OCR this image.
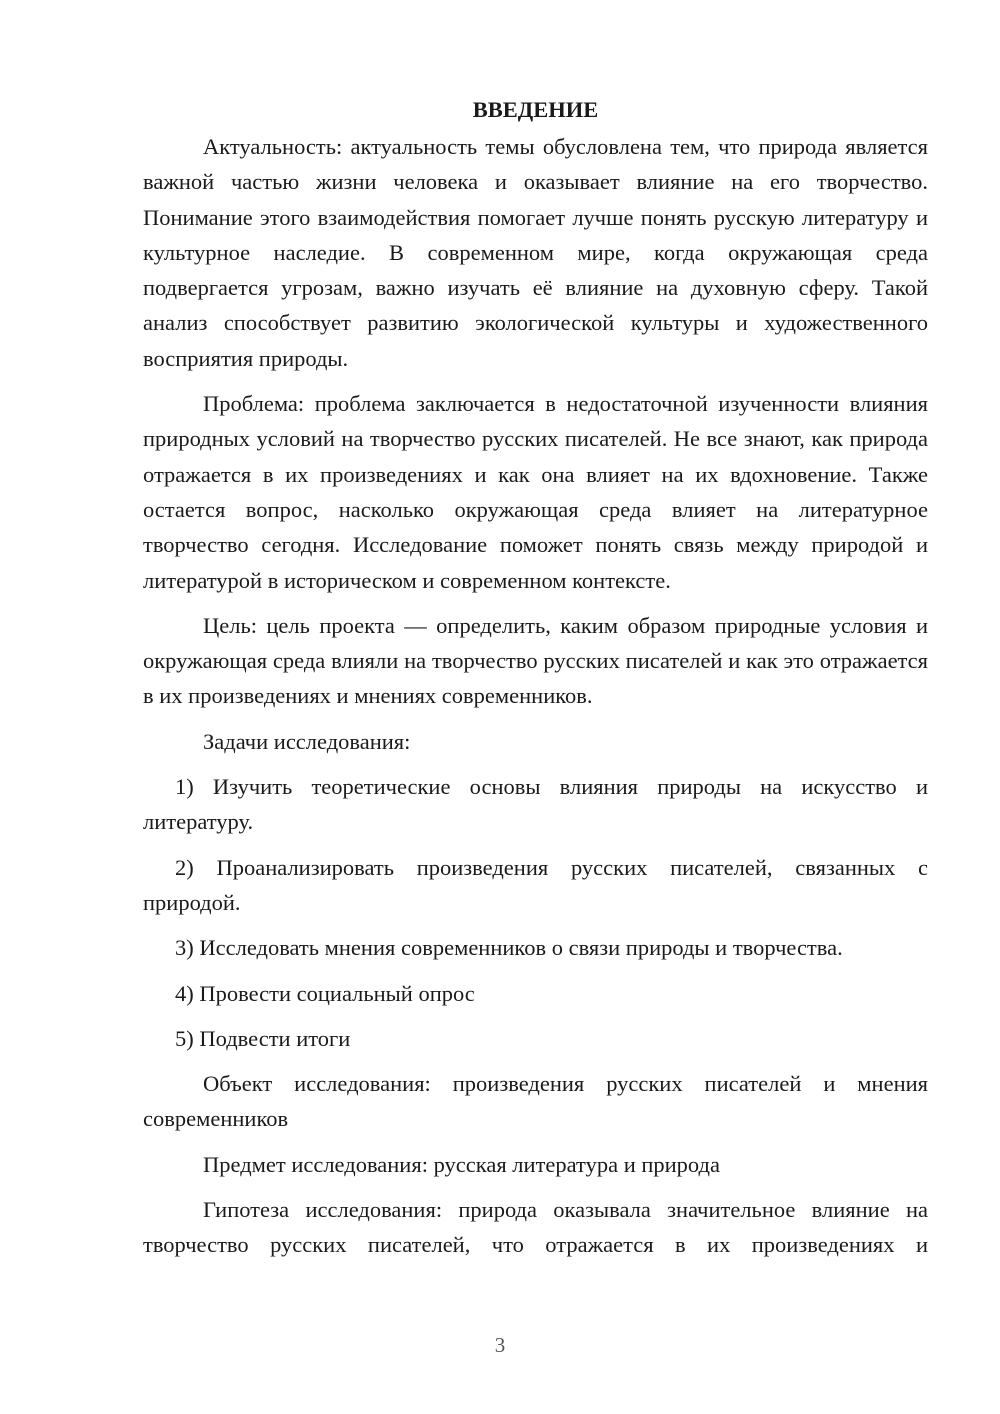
ВВЕДЕНИЕ

Актуальность: актуальность темы обусловлена тем, что природа является важной частью жизни человека и оказывает влияние на его творчество. Понимание этого взаимодействия помогает лучше понять русскую литературу и культурное наследие. В современном мире, когда окружающая среда подвергается угрозам, важно изучать её влияние на духовную сферу. Такой анализ способствует развитию экологической культуры и художественного восприятия природы.

Проблема: проблема заключается в недостаточной изученности влияния природных условий на творчество русских писателей. Не все знают, как природа отражается в их произведениях и как она влияет на их вдохновение. Также остается вопрос, насколько окружающая среда влияет на литературное творчество сегодня. Исследование поможет понять связь между природой и литературой в историческом и современном контексте.

Цель: цель проекта — определить, каким образом природные условия и окружающая среда влияли на творчество русских писателей и как это отражается в их произведениях и мнениях современников.

Задачи исследования:

1) Изучить теоретические основы влияния природы на искусство и литературу.

2) Проанализировать произведения русских писателей, связанных с природой.

3) Исследовать мнения современников о связи природы и творчества.

4) Провести социальный опрос

5) Подвести итоги

Объект исследования: произведения русских писателей и мнения современников

Предмет исследования: русская литература и природа

Гипотеза исследования: природа оказывала значительное влияние на творчество русских писателей, что отражается в их произведениях и

3
